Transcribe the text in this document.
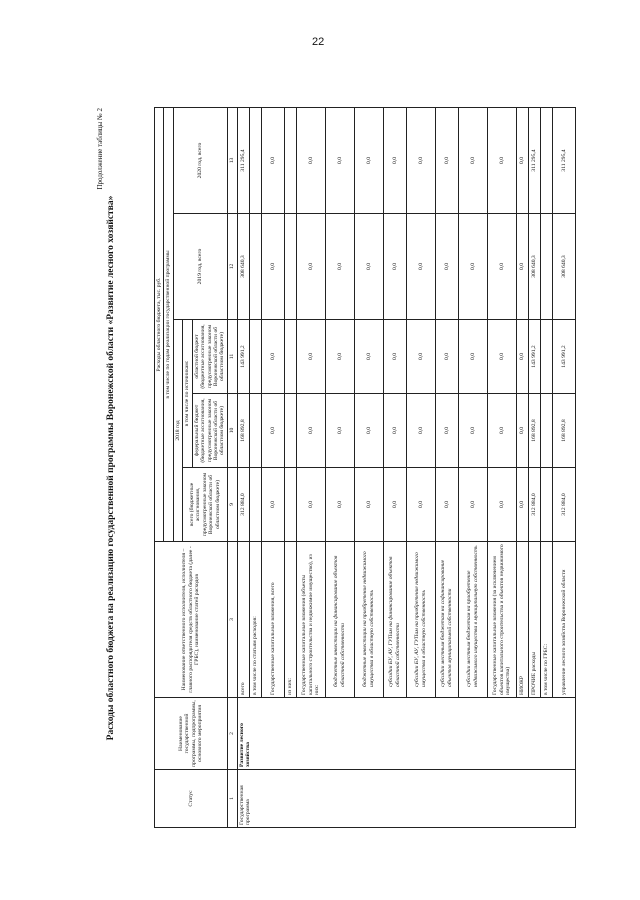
22
Продолжение таблицы № 2
Расходы областного бюджета на реализацию государственной программы Воронежской области «Развитие лесного хозяйства»
Статус	Наименование государственной программы, подпрограммы, основного мероприятия	Наименование ответственного исполнителя, исполнителя – главного распорядителя средств областного бюджета (далее - ГРБС), наименование статей расходов	Расходы областного бюджета, тыс. руб.				
			в том числе по годам реализации государственной программы				
			2018 год			2019 год, всего	2020 год, всего
			всего (бюджетные ассигнования, предусмотренные законом Воронежской области об областном бюджете)	в том числе по источникам:			
				федеральный бюджет (бюджетные ассигнования, предусмотренные законом Воронежской области об областном бюджете)	областной бюджет (бюджетные ассигнования, предусмотренные законом Воронежской области об областном бюджете)		
1	2	3	9	10	11	12	13
Государственная программа	Развитие лесного хозяйства	всего	312 884,0	168 892,8	143 991,2	308 640,3	311 295,4
		в том числе по статьям расходов:					
		Государственные капитальные вложения, всего	0,0	0,0	0,0	0,0	0,0
		из них:					
		Государственные капитальные вложения (объекты капитального строительства и недвижимое имущество), из них:	0,0	0,0	0,0	0,0	0,0
		бюджетные инвестиции на финансирование объектов областной собственности	0,0	0,0	0,0	0,0	0,0
		бюджетные инвестиции на приобретение недвижимого имущества в областную собственность	0,0	0,0	0,0	0,0	0,0
		субсидии БУ, АУ, ГУПам на финансирование объектов областной собственности	0,0	0,0	0,0	0,0	0,0
		субсидии БУ, АУ, ГУПам на приобретение недвижимого имущества в областную собственность	0,0	0,0	0,0	0,0	0,0
		субсидии местным бюджетам на софинансирование объектов муниципальной собственности	0,0	0,0	0,0	0,0	0,0
		субсидии местным бюджетам на приобретение недвижимого имущества в муниципальную собственность	0,0	0,0	0,0	0,0	0,0
		Государственные капитальные вложения (за исключением объектов капитального строительства и объектов недвижимого имущества)	0,0	0,0	0,0	0,0	0,0
		НИОКР	0,0	0,0	0,0	0,0	0,0
		ПРОЧИЕ расходы	312 884,0	168 892,8	143 991,2	308 640,3	311 295,4
		в том числе по ГРБС:					
		управление лесного хозяйства Воронежской области	312 884,0	168 892,8	143 991,2	308 640,3	311 295,4
